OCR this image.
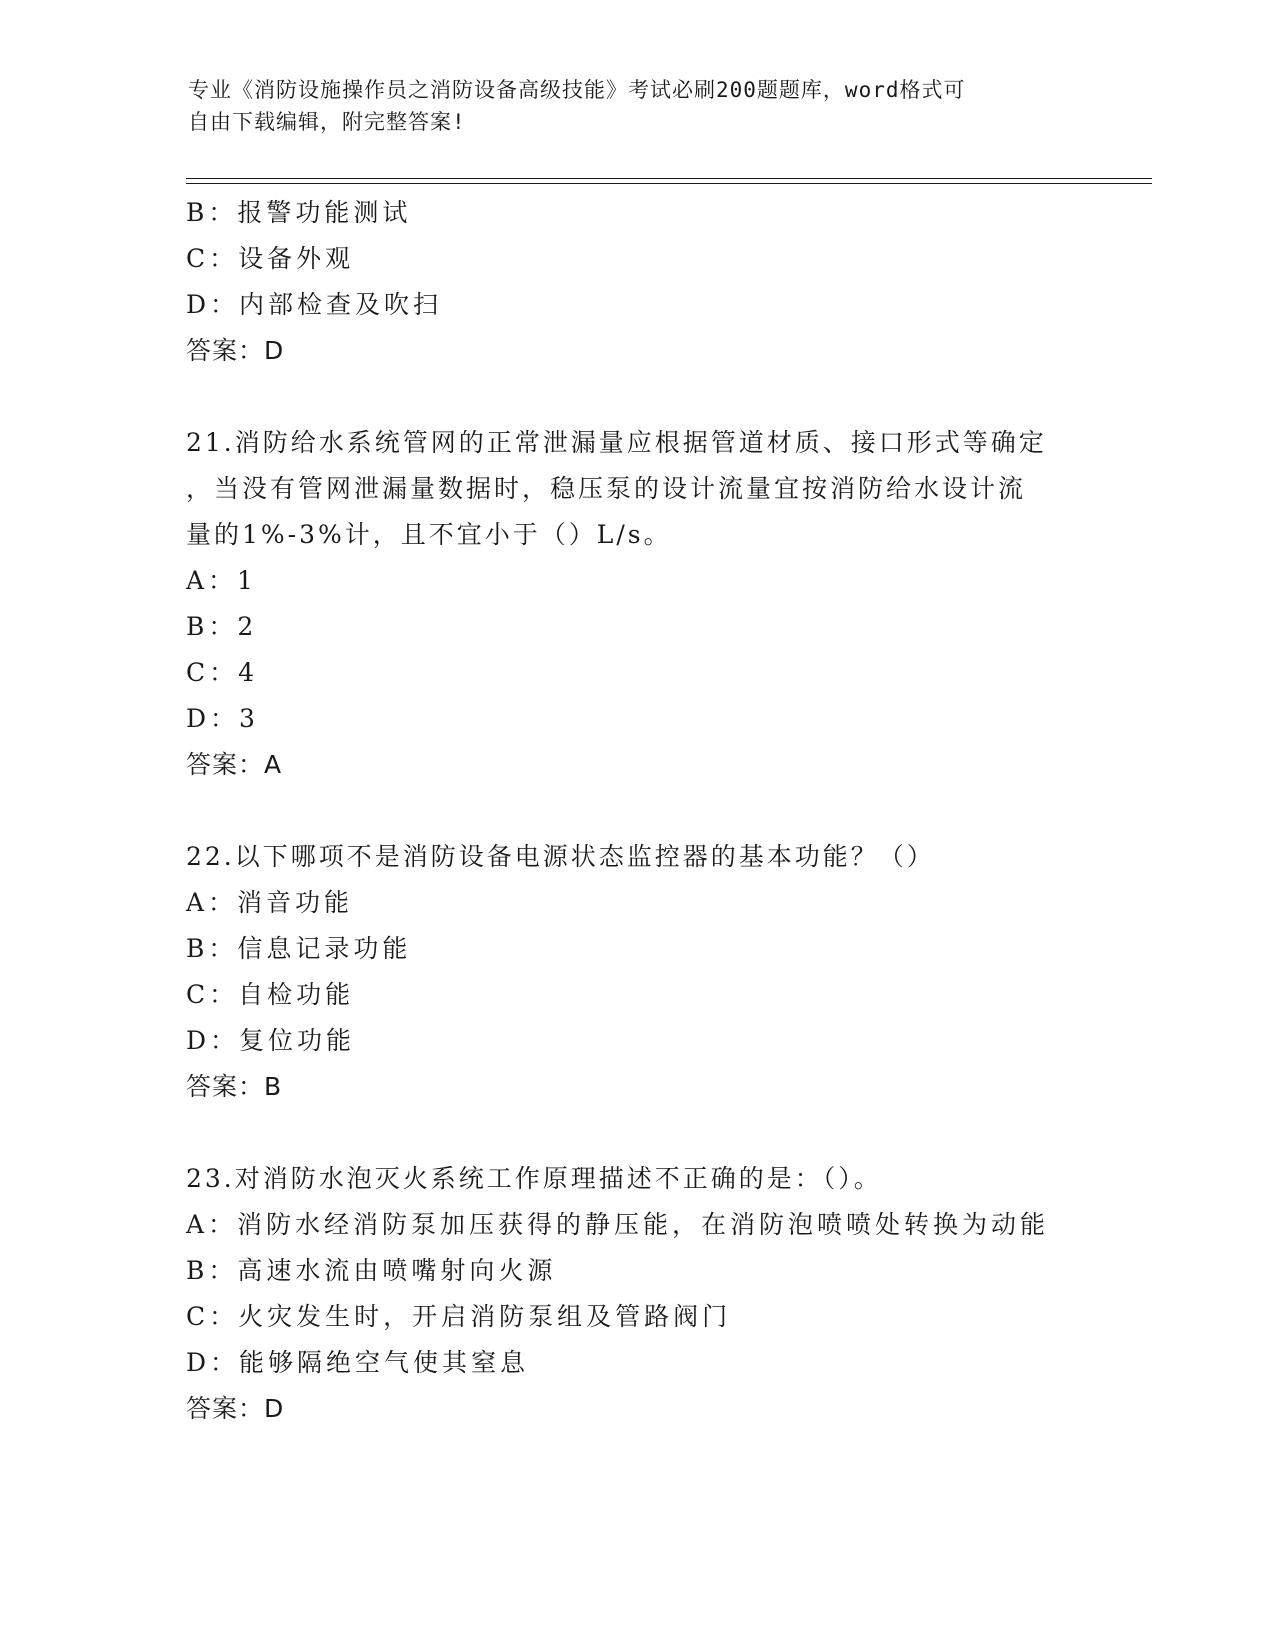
专业《消防设施操作员之消防设备高级技能》考试必刷200题题库，word格式可
自由下载编辑，附完整答案!
B：报警功能测试
C：设备外观
D：内部检查及吹扫
答案：D
21.消防给水系统管网的正常泄漏量应根据管道材质、接口形式等确定
，当没有管网泄漏量数据时，稳压泵的设计流量宜按消防给水设计流
量的1%-3%计，且不宜小于（）L/s。
A：1
B：2
C：4
D：3
答案：A
22.以下哪项不是消防设备电源状态监控器的基本功能？（）
A：消音功能
B：信息记录功能
C：自检功能
D：复位功能
答案：B
23.对消防水泡灭火系统工作原理描述不正确的是：（）。
A：消防水经消防泵加压获得的静压能，在消防泡喷喷处转换为动能
B：高速水流由喷嘴射向火源
C：火灾发生时，开启消防泵组及管路阀门
D：能够隔绝空气使其窒息
答案：D
